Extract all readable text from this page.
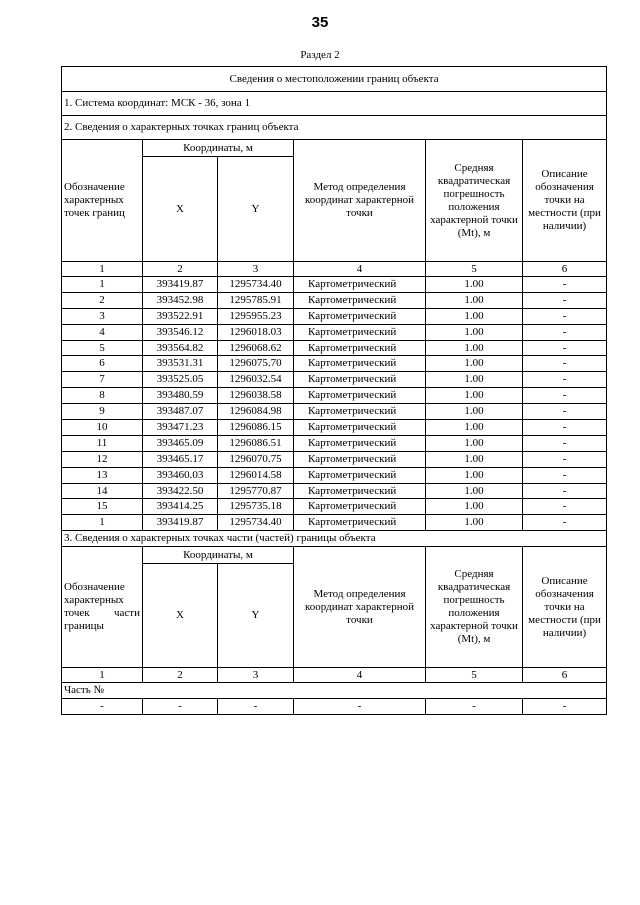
35
Раздел 2
Сведения о местоположении границ объекта					
1. Система координат: МСК - 36, зона 1					
2. Сведения о характерных точках границ объекта					
Обозначение характерных точек границ	Координаты, м		Метод определения координат характерной точки	Средняя квадратическая погрешность положения характерной точки (Mt), м	Описание обозначения точки на местности (при наличии)
	X	Y			
1	2	3	4	5	6
1	393419.87	1295734.40	Картометрический	1.00	-
2	393452.98	1295785.91	Картометрический	1.00	-
3	393522.91	1295955.23	Картометрический	1.00	-
4	393546.12	1296018.03	Картометрический	1.00	-
5	393564.82	1296068.62	Картометрический	1.00	-
6	393531.31	1296075.70	Картометрический	1.00	-
7	393525.05	1296032.54	Картометрический	1.00	-
8	393480.59	1296038.58	Картометрический	1.00	-
9	393487.07	1296084.98	Картометрический	1.00	-
10	393471.23	1296086.15	Картометрический	1.00	-
11	393465.09	1296086.51	Картометрический	1.00	-
12	393465.17	1296070.75	Картометрический	1.00	-
13	393460.03	1296014.58	Картометрический	1.00	-
14	393422.50	1295770.87	Картометрический	1.00	-
15	393414.25	1295735.18	Картометрический	1.00	-
1	393419.87	1295734.40	Картометрический	1.00	-
3. Сведения о характерных точках части (частей) границы объекта					
Обозначение характерных точек части границы	Координаты, м		Метод определения координат характерной точки	Средняя квадратическая погрешность положения характерной точки (Mt), м	Описание обозначения точки на местности (при наличии)
	X	Y			
1	2	3	4	5	6
Часть №					
-	-	-	-	-	-
